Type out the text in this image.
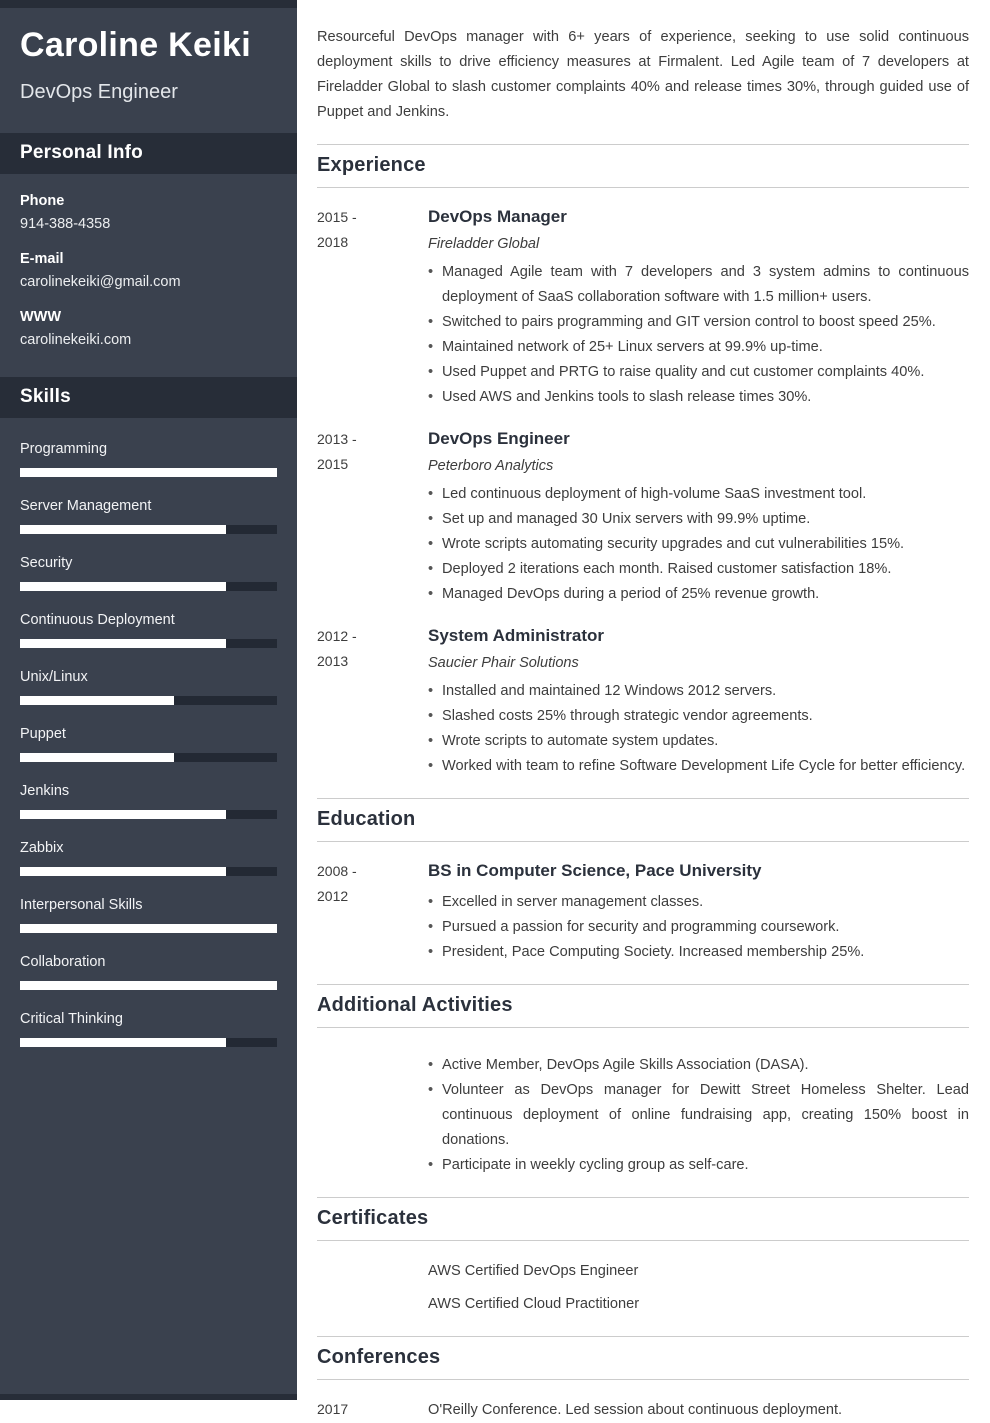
Caroline Keiki
DevOps Engineer
Personal Info
Phone
914-388-4358
E-mail
carolinekeiki@gmail.com
WWW
carolinekeiki.com
Skills
Programming
Server Management
Security
Continuous Deployment
Unix/Linux
Puppet
Jenkins
Zabbix
Interpersonal Skills
Collaboration
Critical Thinking

Resourceful DevOps manager with 6+ years of experience, seeking to use solid continuous deployment skills to drive efficiency measures at Firmalent. Led Agile team of 7 developers at Fireladder Global to slash customer complaints 40% and release times 30%, through guided use of Puppet and Jenkins.

Experience
2015 -
2018
DevOps Manager
Fireladder Global
• Managed Agile team with 7 developers and 3 system admins to continuous deployment of SaaS collaboration software with 1.5 million+ users.
• Switched to pairs programming and GIT version control to boost speed 25%.
• Maintained network of 25+ Linux servers at 99.9% up-time.
• Used Puppet and PRTG to raise quality and cut customer complaints 40%.
• Used AWS and Jenkins tools to slash release times 30%.
2013 -
2015
DevOps Engineer
Peterboro Analytics
• Led continuous deployment of high-volume SaaS investment tool.
• Set up and managed 30 Unix servers with 99.9% uptime.
• Wrote scripts automating security upgrades and cut vulnerabilities 15%.
• Deployed 2 iterations each month. Raised customer satisfaction 18%.
• Managed DevOps during a period of 25% revenue growth.
2012 -
2013
System Administrator
Saucier Phair Solutions
• Installed and maintained 12 Windows 2012 servers.
• Slashed costs 25% through strategic vendor agreements.
• Wrote scripts to automate system updates.
• Worked with team to refine Software Development Life Cycle for better efficiency.
Education
2008 -
2012
BS in Computer Science, Pace University
• Excelled in server management classes.
• Pursued a passion for security and programming coursework.
• President, Pace Computing Society. Increased membership 25%.
Additional Activities
• Active Member, DevOps Agile Skills Association (DASA).
• Volunteer as DevOps manager for Dewitt Street Homeless Shelter. Lead continuous deployment of online fundraising app, creating 150% boost in donations.
• Participate in weekly cycling group as self-care.
Certificates
AWS Certified DevOps Engineer
AWS Certified Cloud Practitioner
Conferences
2017	O'Reilly Conference. Led session about continuous deployment.
